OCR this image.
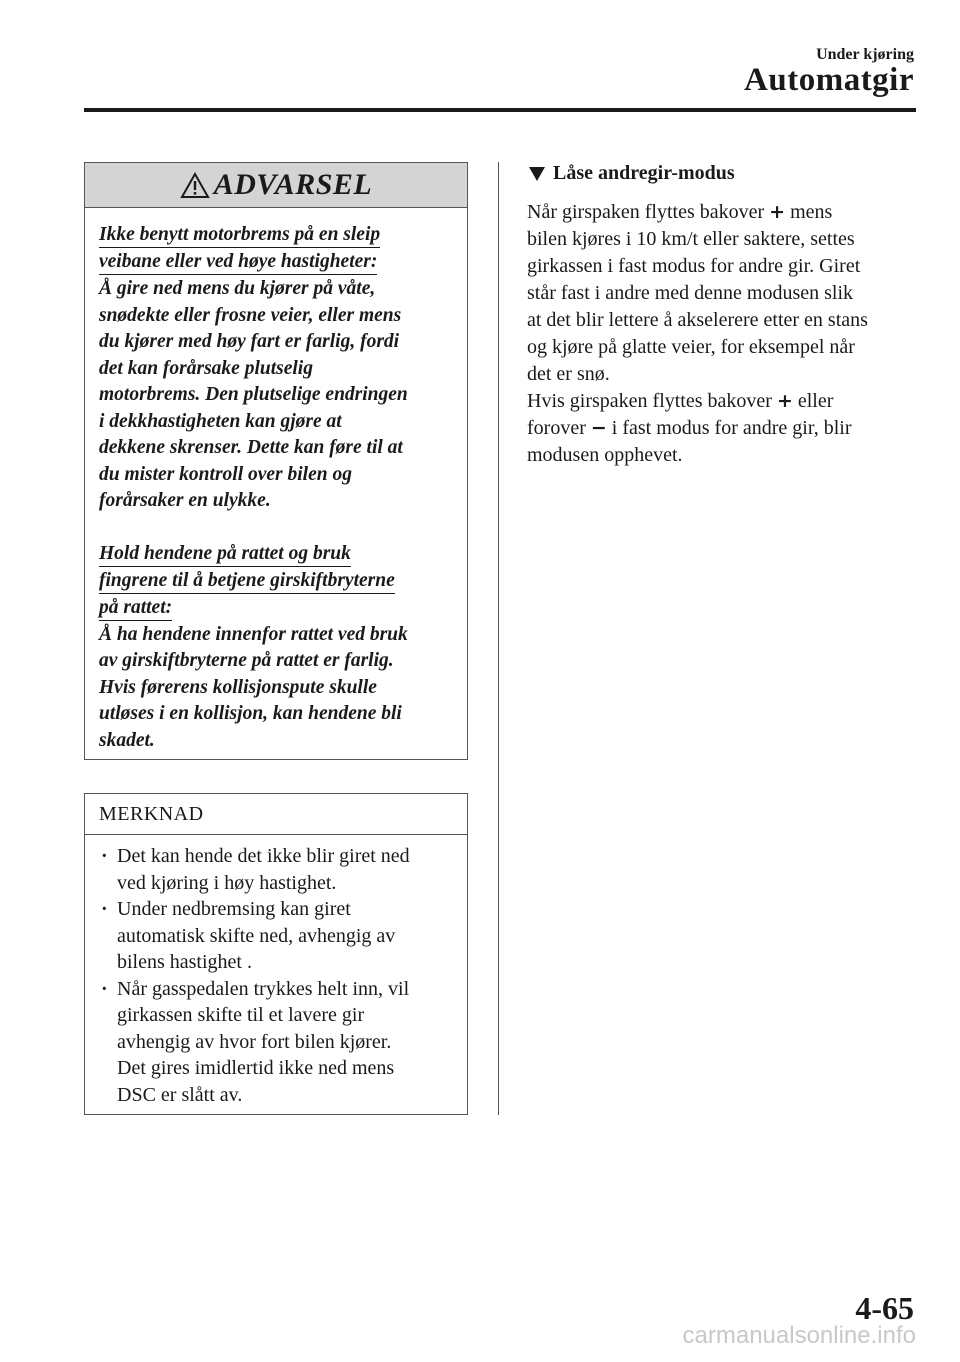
Under kjøring
Automatgir
ADVARSEL
Ikke benytt motorbrems på en sleip
veibane eller ved høye hastigheter:
Å gire ned mens du kjører på våte,
snødekte eller frosne veier, eller mens
du kjører med høy fart er farlig, fordi
det kan forårsake plutselig
motorbrems. Den plutselige endringen
i dekkhastigheten kan gjøre at
dekkene skrenser. Dette kan føre til at
du mister kontroll over bilen og
forårsaker en ulykke.
Hold hendene på rattet og bruk
fingrene til å betjene girskiftbryterne
på rattet:
Å ha hendene innenfor rattet ved bruk
av girskiftbryterne på rattet er farlig.
Hvis førerens kollisjonspute skulle
utløses i en kollisjon, kan hendene bli
skadet.
MERKNAD
· Det kan hende det ikke blir giret ned
ved kjøring i høy hastighet.
· Under nedbremsing kan giret
automatisk skifte ned, avhengig av
bilens hastighet .
· Når gasspedalen trykkes helt inn, vil
girkassen skifte til et lavere gir
avhengig av hvor fort bilen kjører.
Det gires imidlertid ikke ned mens
DSC er slått av.
Låse andregir-modus
Når girspaken flyttes bakover + mens
bilen kjøres i 10 km/t eller saktere, settes
girkassen i fast modus for andre gir. Giret
står fast i andre med denne modusen slik
at det blir lettere å akselerere etter en stans
og kjøre på glatte veier, for eksempel når
det er snø.
Hvis girspaken flyttes bakover + eller
forover − i fast modus for andre gir, blir
modusen opphevet.
4-65
carmanualsonline.info
